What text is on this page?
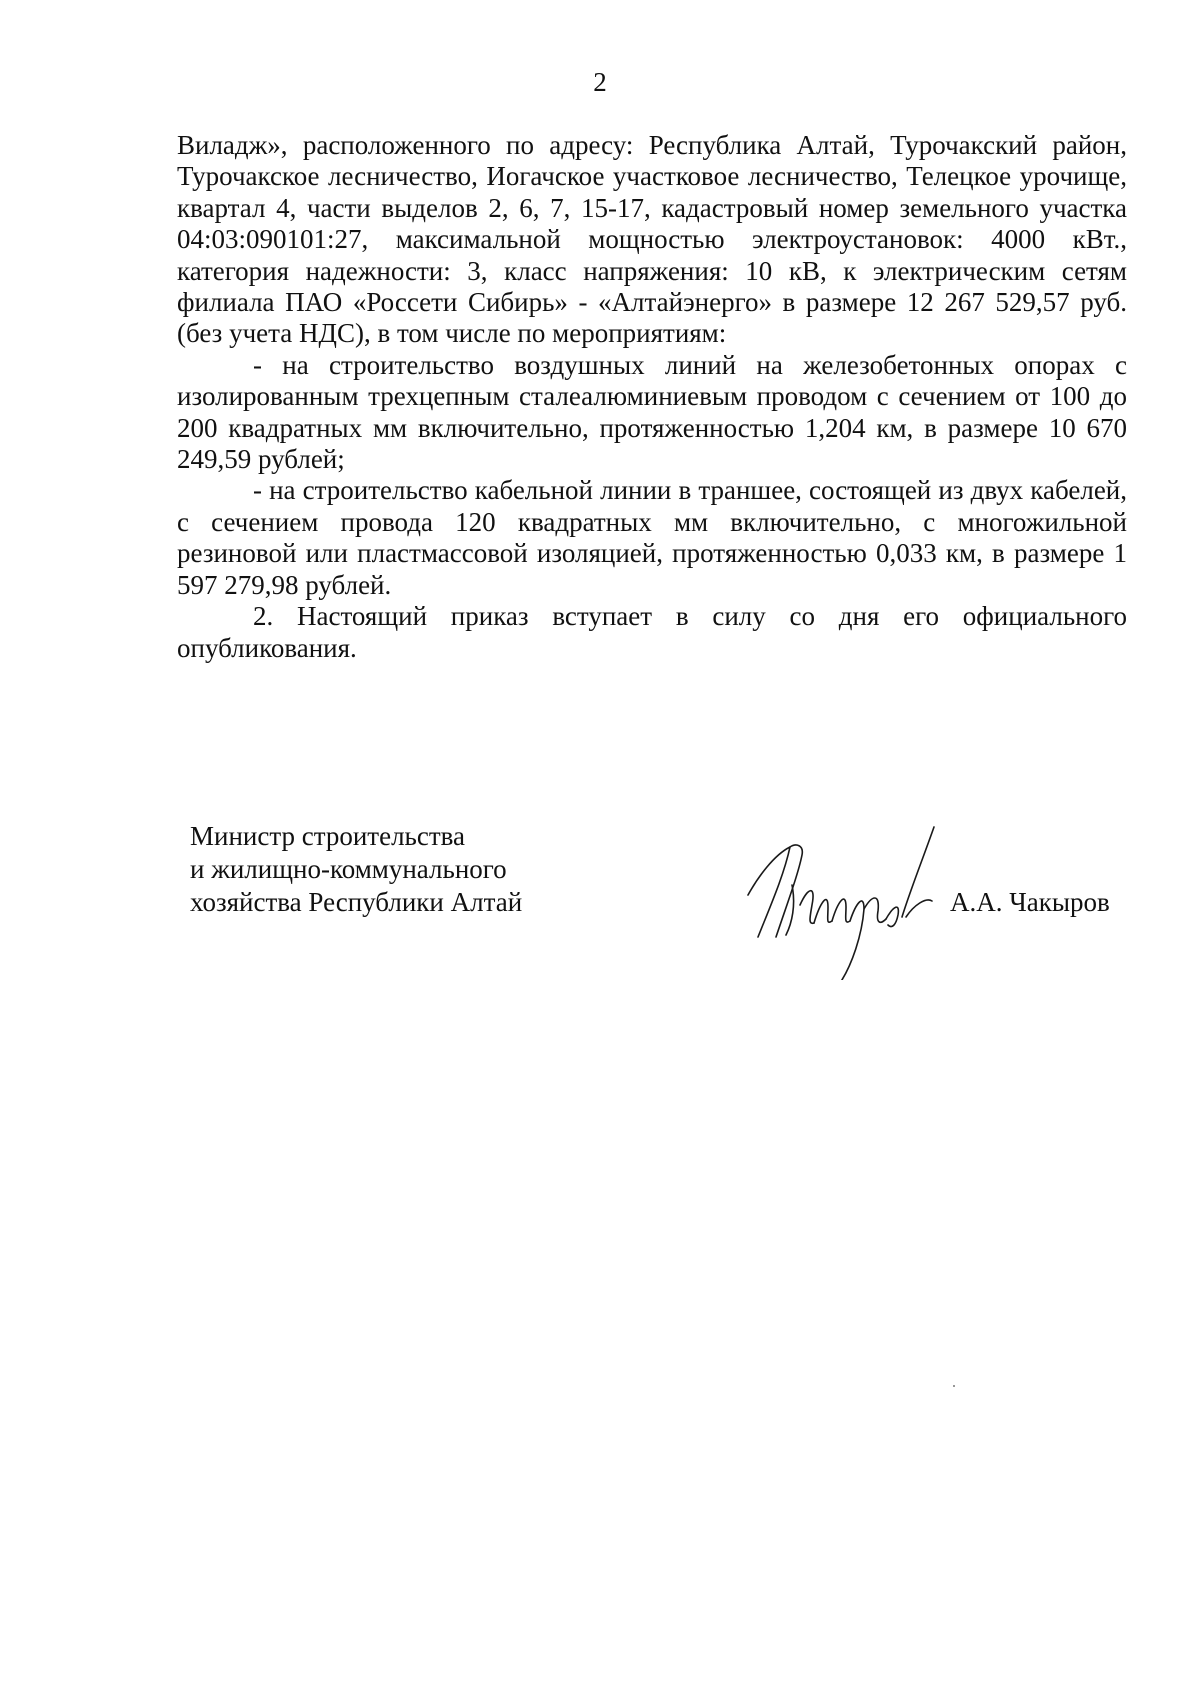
2

Виладж», расположенного по адресу: Республика Алтай, Турочакский район, Турочакское лесничество, Иогачское участковое лесничество, Телецкое урочище, квартал 4, части выделов 2, 6, 7, 15-17, кадастровый номер земельного участка 04:03:090101:27, максимальной мощностью электроустановок: 4000 кВт., категория надежности: 3, класс напряжения: 10 кВ, к электрическим сетям филиала ПАО «Россети Сибирь» - «Алтайэнерго» в размере 12 267 529,57 руб. (без учета НДС), в том числе по мероприятиям:

- на строительство воздушных линий на железобетонных опорах с изолированным трехцепным сталеалюминиевым проводом с сечением от 100 до 200 квадратных мм включительно, протяженностью 1,204 км, в размере 10 670 249,59 рублей;

- на строительство кабельной линии в траншее, состоящей из двух кабелей, с сечением провода 120 квадратных мм включительно, с многожильной резиновой или пластмассовой изоляцией, протяженностью 0,033 км, в размере 1 597 279,98 рублей.

2. Настоящий приказ вступает в силу со дня его официального опубликования.

Министр строительства
и жилищно-коммунального
хозяйства Республики Алтай	А.А. Чакыров
